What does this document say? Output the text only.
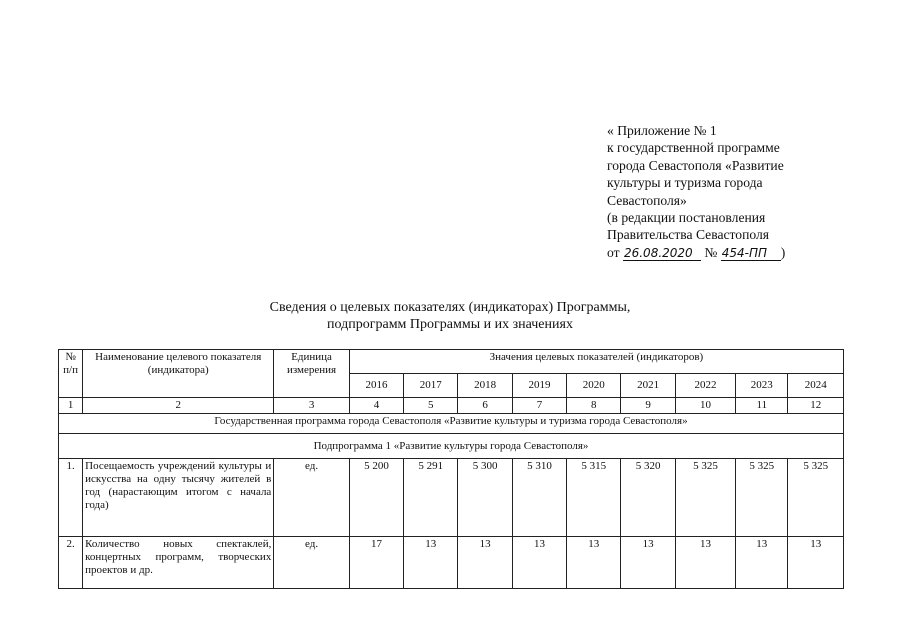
« Приложение № 1
к государственной программе
города Севастополя «Развитие
культуры и туризма города
Севастополя»
(в редакции постановления
Правительства Севастополя
от 26.08.2020 № 454-ПП )
Сведения о целевых показателях (индикаторах) Программы,
подпрограмм Программы и их значениях
№ п/п	Наименование целевого показателя (индикатора)	Единица измерения	Значения целевых показателей (индикаторов)								
			2016	2017	2018	2019	2020	2021	2022	2023	2024
1	2	3	4	5	6	7	8	9	10	11	12
Государственная программа города Севастополя «Развитие культуры и туризма города Севастополя»											
Подпрограмма 1 «Развитие культуры города Севастополя»											
1.	Посещаемость учреждений культуры и искусства на одну тысячу жителей в год (нарастающим итогом с начала года)	ед.	5 200	5 291	5 300	5 310	5 315	5 320	5 325	5 325	5 325
2.	Количество новых спектаклей, концертных программ, творческих проектов и др.	ед.	17	13	13	13	13	13	13	13	13
